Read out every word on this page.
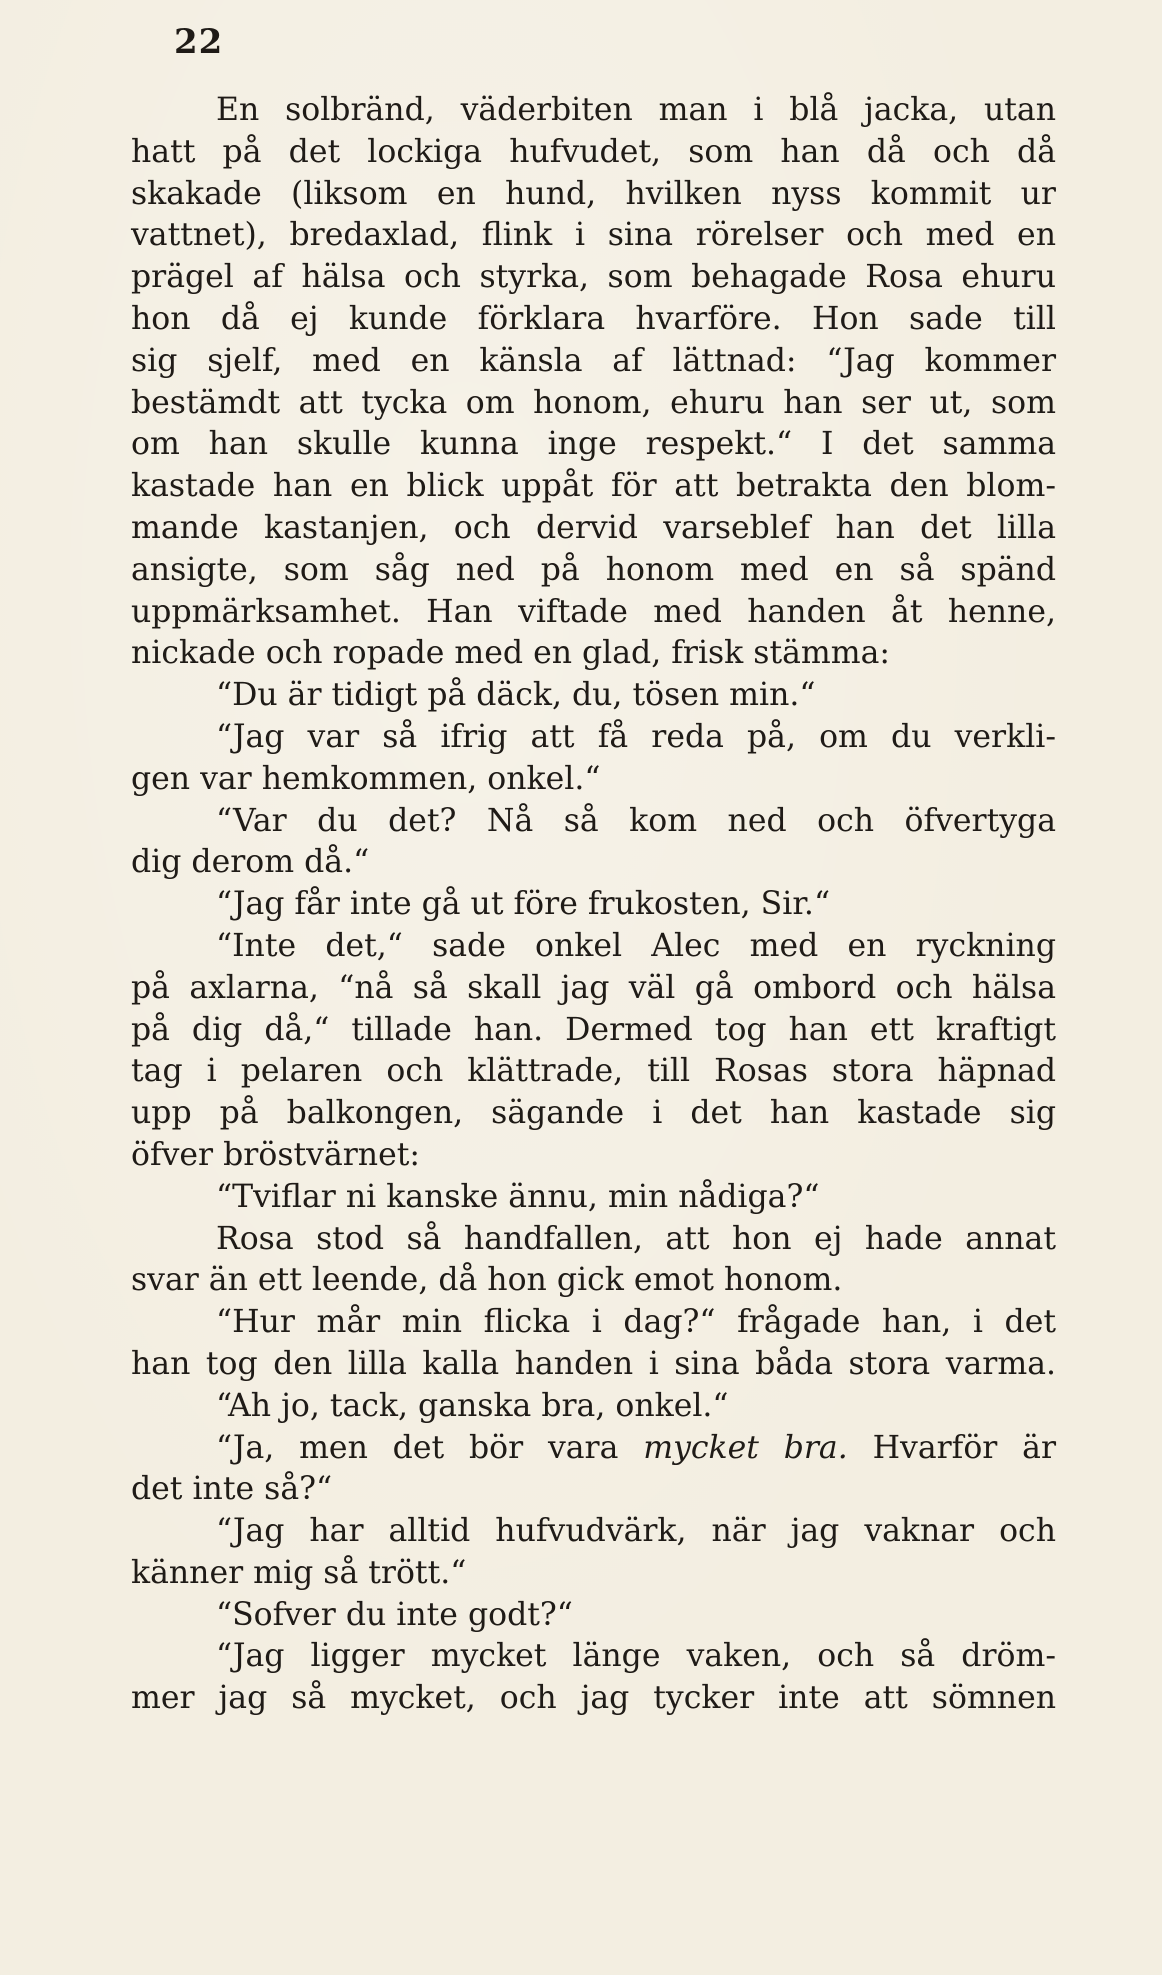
22
En solbränd, väderbiten man i blå jacka, utan
hatt på det lockiga hufvudet, som han då och då
skakade (liksom en hund, hvilken nyss kommit ur
vattnet), bredaxlad, flink i sina rörelser och med en
prägel af hälsa och styrka, som behagade Rosa ehuru
hon då ej kunde förklara hvarföre. Hon sade till
sig sjelf, med en känsla af lättnad: “Jag kommer
bestämdt att tycka om honom, ehuru han ser ut, som
om han skulle kunna inge respekt.“ I det samma
kastade han en blick uppåt för att betrakta den blom-
mande kastanjen, och dervid varseblef han det lilla
ansigte, som såg ned på honom med en så spänd
uppmärksamhet. Han viftade med handen åt henne,
nickade och ropade med en glad, frisk stämma:
“Du är tidigt på däck, du, tösen min.“
“Jag var så ifrig att få reda på, om du verkli-
gen var hemkommen, onkel.“
“Var du det? Nå så kom ned och öfvertyga
dig derom då.“
“Jag får inte gå ut före frukosten, Sir.“
“Inte det,“ sade onkel Alec med en ryckning
på axlarna, “nå så skall jag väl gå ombord och hälsa
på dig då,“ tillade han. Dermed tog han ett kraftigt
tag i pelaren och klättrade, till Rosas stora häpnad
upp på balkongen, sägande i det han kastade sig
öfver bröstvärnet:
“Tviflar ni kanske ännu, min nådiga?“
Rosa stod så handfallen, att hon ej hade annat
svar än ett leende, då hon gick emot honom.
“Hur mår min flicka i dag?“ frågade han, i det
han tog den lilla kalla handen i sina båda stora varma.
“Ah jo, tack, ganska bra, onkel.“
“Ja, men det bör vara mycket bra. Hvarför är
det inte så?“
“Jag har alltid hufvudvärk, när jag vaknar och
känner mig så trött.“
“Sofver du inte godt?“
“Jag ligger mycket länge vaken, och så dröm-
mer jag så mycket, och jag tycker inte att sömnen
